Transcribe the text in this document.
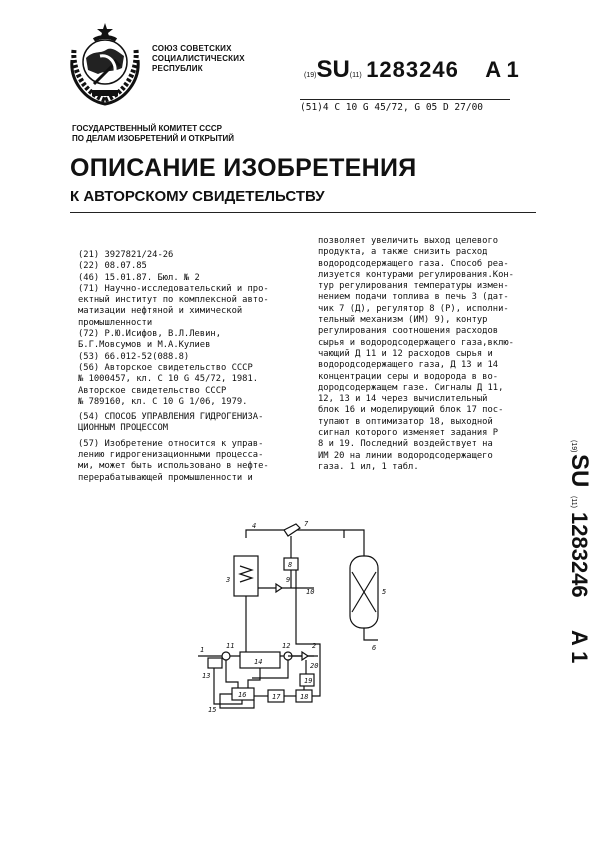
СОЮЗ СОВЕТСКИХ
СОЦИАЛИСТИЧЕСКИХ
РЕСПУБЛИК
(19)SU(11) 1283246 A 1
(51)4 С 10 G 45/72, G 05 D 27/00
ГОСУДАРСТВЕННЫЙ КОМИТЕТ СССР
ПО ДЕЛАМ ИЗОБРЕТЕНИЙ И ОТКРЫТИЙ
ОПИСАНИЕ ИЗОБРЕТЕНИЯ
К АВТОРСКОМУ СВИДЕТЕЛЬСТВУ
(21) 3927821/24-26
(22) 08.07.85
(46) 15.01.87. Бюл. № 2
(71) Научно-исследовательский и про-
ектный институт по комплексной авто-
матизации нефтяной и химической
промышленности
(72) Р.Ю.Исифов, В.Л.Левин,
Б.Г.Мовсумов и М.А.Кулиев
(53) 66.012-52(088.8)
(56) Авторское свидетельство СССР
№ 1000457, кл. С 10 G 45/72, 1981.
Авторское свидетельство СССР
№ 789160, кл. С 10 G 1/06, 1979.
(54) СПОСОБ УПРАВЛЕНИЯ ГИДРОГЕНИЗА-
ЦИОННЫМ ПРОЦЕССОМ
(57) Изобретение относится к управ-
лению гидрогенизационными процесса-
ми, может быть использовано в нефте-
перерабатывающей промышленности и
позволяет увеличить выход целевого
продукта, а также снизить расход
водородсодержащего газа. Способ реа-
лизуется контурами регулирования.Кон-
тур регулирования температуры измен-
нением подачи топлива в печь 3 (дат-
чик 7 (Д), регулятор 8 (Р), исполни-
тельный механизм (ИМ) 9), контур
регулирования соотношения расходов
сырья и водородсодержащего газа,вклю-
чающий Д 11 и 12 расходов сырья и
водородсодержащего газа, Д 13 и 14
концентрации серы и водорода в во-
дородсодержащем газе. Сигналы Д 11,
12, 13 и 14 через вычислительный
блок 16 и моделирующий блок 17 пос-
тупают в оптимизатор 18, выходной
сигнал которого изменяет задания Р
8 и 19. Последний воздействует на
ИМ 20 на линии водородсодержащего
газа. 1 ил, 1 табл.
(19)
SU
(11)
1283246
A 1
4	7
8
3	9
10	5
1	11	12	2
14
13
20
6
19
15
16	17	18
